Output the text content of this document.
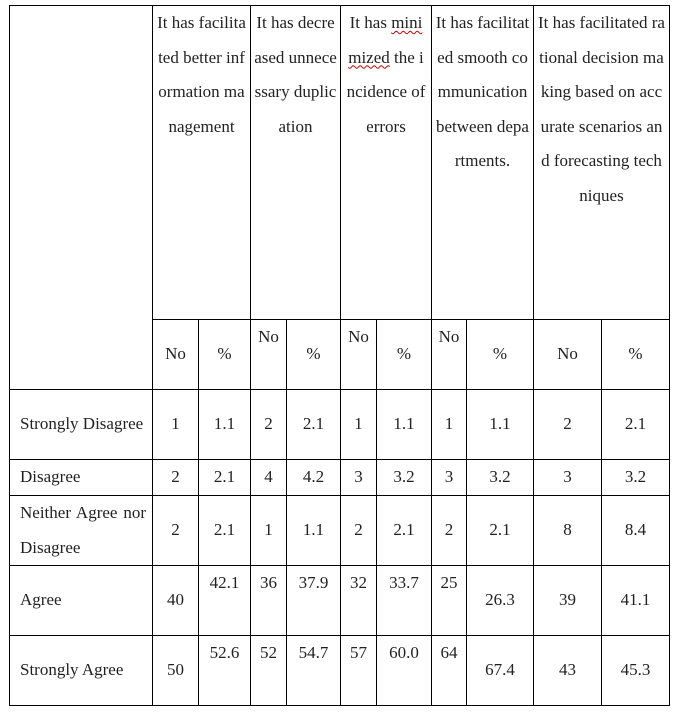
	It has facilitated better information management		It has decreased unnecessary duplication		It has minimized the incidence of errors		It has facilitated smooth communication between departments.		It has facilitated rational decision making based on accurate scenarios and forecasting techniques	
	No	%	No	%	No	%	No	%	No	%
Strongly Disagree	1	1.1	2	2.1	1	1.1	1	1.1	2	2.1
Disagree	2	2.1	4	4.2	3	3.2	3	3.2	3	3.2
Neither Agree nor Disagree	2	2.1	1	1.1	2	2.1	2	2.1	8	8.4
Agree	40	42.1	36	37.9	32	33.7	25	26.3	39	41.1
Strongly Agree	50	52.6	52	54.7	57	60.0	64	67.4	43	45.3
